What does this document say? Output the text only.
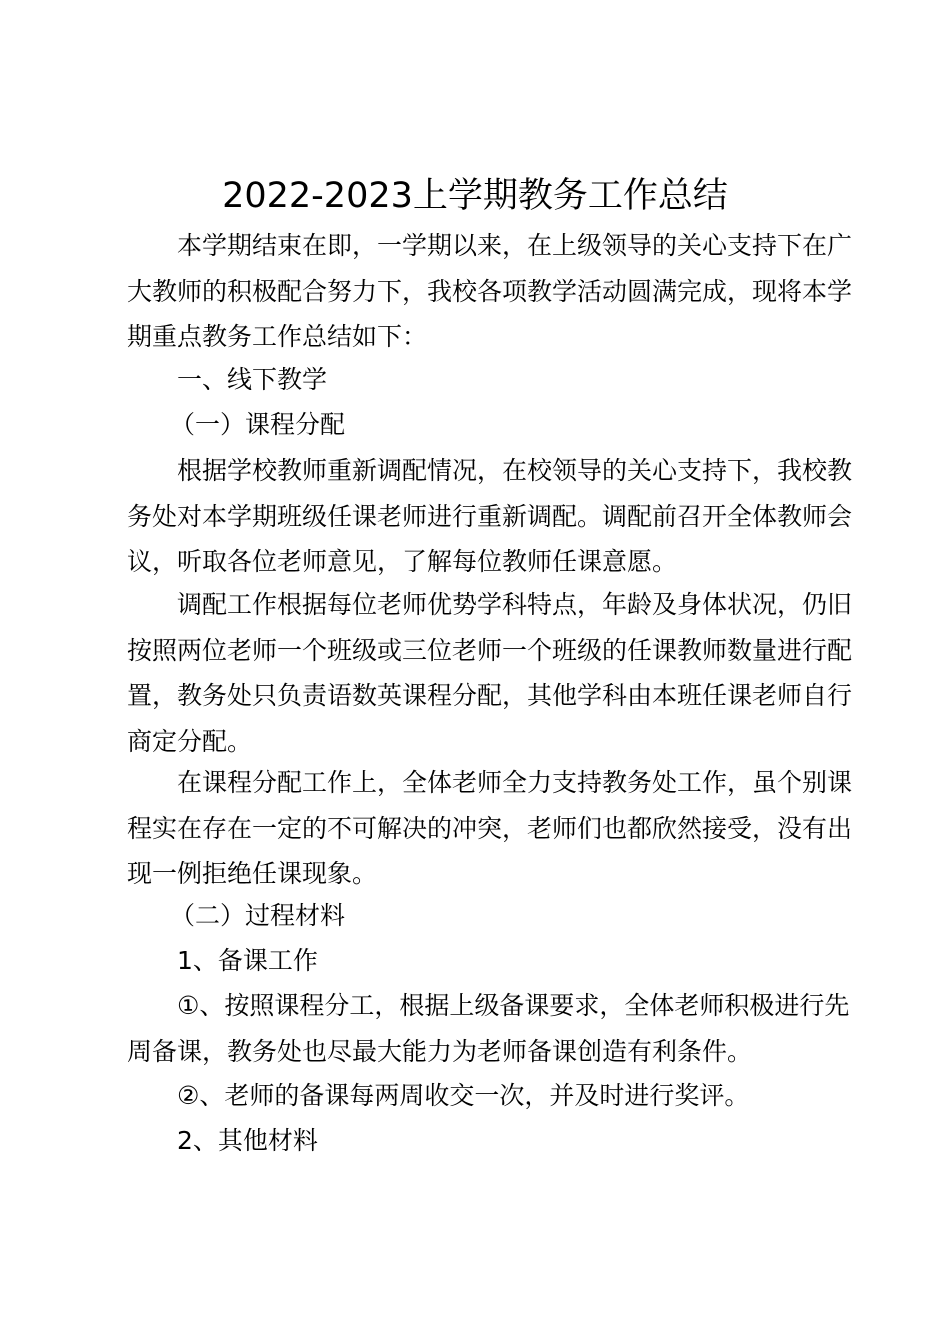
2022-2023上学期教务工作总结

本学期结束在即，一学期以来，在上级领导的关心支持下在广大教师的积极配合努力下，我校各项教学活动圆满完成，现将本学期重点教务工作总结如下：

一、线下教学

（一）课程分配

根据学校教师重新调配情况，在校领导的关心支持下，我校教务处对本学期班级任课老师进行重新调配。调配前召开全体教师会议，听取各位老师意见，了解每位教师任课意愿。

调配工作根据每位老师优势学科特点，年龄及身体状况，仍旧按照两位老师一个班级或三位老师一个班级的任课教师数量进行配置，教务处只负责语数英课程分配，其他学科由本班任课老师自行商定分配。

在课程分配工作上，全体老师全力支持教务处工作，虽个别课程实在存在一定的不可解决的冲突，老师们也都欣然接受，没有出现一例拒绝任课现象。

（二）过程材料

1、备课工作

①、按照课程分工，根据上级备课要求，全体老师积极进行先周备课，教务处也尽最大能力为老师备课创造有利条件。

②、老师的备课每两周收交一次，并及时进行奖评。

2、其他材料
